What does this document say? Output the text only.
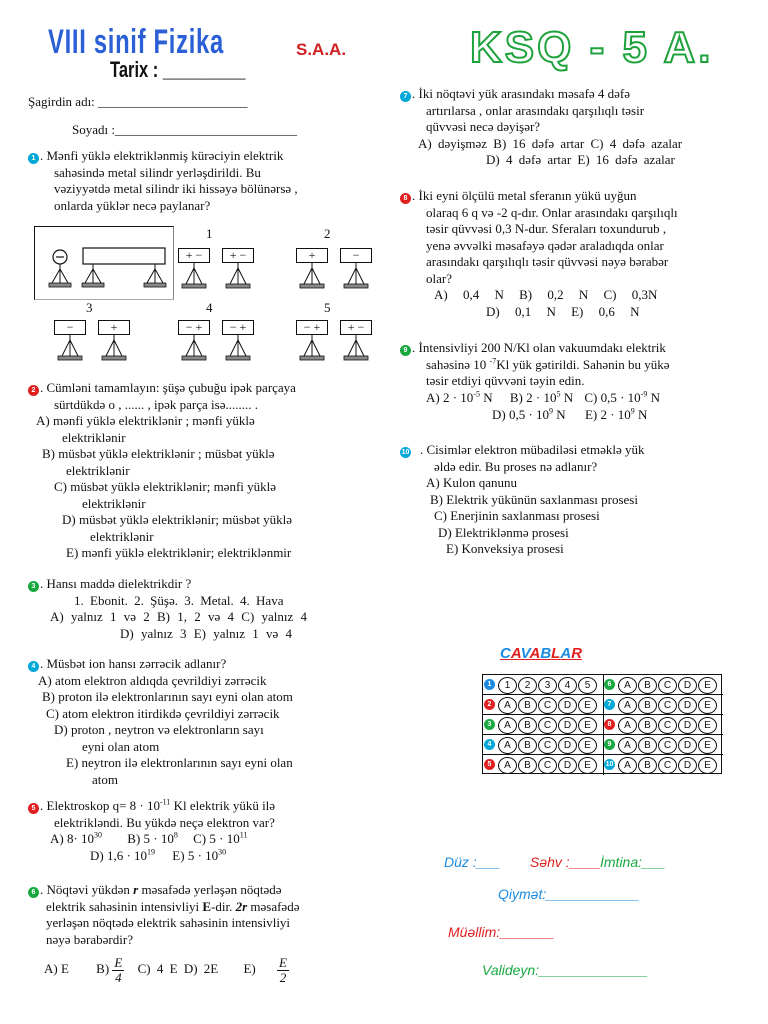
VIII sinif Fizika	S.A.A.
Tarix : _________	KSQ - 5 A.
Şagirdin adı: _______________________
Soyadı :____________________________
1 . Mənfi yüklə elektriklənmiş kürəciyin elektrik
sahəsində metal silindr yerləşdirildi. Bu
vəziyyətdə metal silindr iki hissəyə bölünərsə ,
onlarda yüklər necə paylanar?
1	2
3	4	5
+ −	+ −	+	−
−	+	− +	− +	− +	+ −
2 . Cümləni tamamlayın: şüşə çubuğu ipək parçaya
sürtdükdə o , ...... , ipək parça isə........ .
A) mənfi yüklə elektriklənir ; mənfi yüklə
elektriklənir
B) müsbət yüklə elektriklənir ; müsbət yüklə
elektriklənir
C) müsbət yüklə elektriklənir; mənfi yüklə
elektriklənir
D) müsbət yüklə elektriklənir; müsbət yüklə
elektriklənir
E) mənfi yüklə elektriklənir; elektriklənmir
3 . Hansı maddə dielektrikdir ?
1. Ebonit. 2. Şüşə. 3. Metal. 4. Hava
A) yalnız 1 və 2 B) 1, 2 və 4 C) yalnız 4
D) yalnız 3 E) yalnız 1 və 4
4 . Müsbət ion hansı zərrəcik adlanır?
A) atom elektron aldıqda çevrildiyi zərrəcik
B) proton ilə elektronlarının sayı eyni olan atom
C) atom elektron itirdikdə çevrildiyi zərrəcik
D) proton , neytron və elektronların sayı
eyni olan atom
E) neytron ilə elektronlarının sayı eyni olan
atom
5 . Elektroskop $q= 8 \cdot 10^{-11}$ Kl elektrik yükü ilə
elektrikləndi. Bu yükdə neçə elektron var?
A) $8\cdot 10^{30}$ B) $5 \cdot 10^8$ C) $5 \cdot 10^{11}$
D) $1,6 \cdot 10^{19}$ E) $5 \cdot 10^{30}$
6 . Nöqtəvi yükdən r məsafədə yerləşən nöqtədə
elektrik sahəsinin intensivliyi E-dir. 2r məsafədə
yerləşən nöqtədə elektrik sahəsinin intensivliyi
nəyə bərabərdir?
A) E $B) \frac{E}{4} C$) 4 E D) 2E $E) \frac{E}{2}$
7 . İki nöqtəvi yük arasındakı məsafə 4 dəfə
artırılarsa , onlar arasındakı qarşılıqlı təsir
qüvvəsi necə dəyişər?
A) dəyişməz B) 16 dəfə artar C) 4 dəfə azalar
D) 4 dəfə artar E) 16 dəfə azalar
8 . İki eyni ölçülü metal sferanın yükü uyğun
olaraq 6 q və -2 q-dır. Onlar arasındakı qarşılıqlı
təsir qüvvəsi 0,3 N-dur. Sferaları toxundurub ,
yenə əvvəlki məsafəyə qədər araladıqda onlar
arasındakı qarşılıqlı təsir qüvvəsi nəyə bərabər
olar?
A) 0,4 N B) 0,2 N C) 0,3N
D) 0,1 N E) 0,6 N
9 . İntensivliyi 200 N/Kl olan vakuumdakı elektrik
sahəsinə 10 $^{-7}$Kl yük gətirildi. Sahənin bu yükə
təsir etdiyi qüvvəni təyin edin.
A) $2 \cdot 10^{-5}$ N B) $2 \cdot 10^5$ N C) $0,5 \cdot 10^{-9}$ N
D) $0,5 \cdot 10^9$ N E) $2 \cdot 10^9$ N
10 . Cisimlər elektron mübadiləsi etməklə yük
əldə edir. Bu proses nə adlanır?
A) Kulon qanunu
B) Elektrik yükünün saxlanması prosesi
C) Enerjinin saxlanması prosesi
D) Elektriklənmə prosesi
E) Konveksiya prosesi
CAVABLAR
1	1 2 3 4 5	6	A B C D E
2	A B C D E	7	A B C D E
3	A B C D E	8	A B C D E
4	A B C D E	9	A B C D E
5	A B C D E	10	A B C D E
Düz :___ Səhv :____ İmtina:___
Qiymət:____________
Müəllim:_______
Valideyn:______________
